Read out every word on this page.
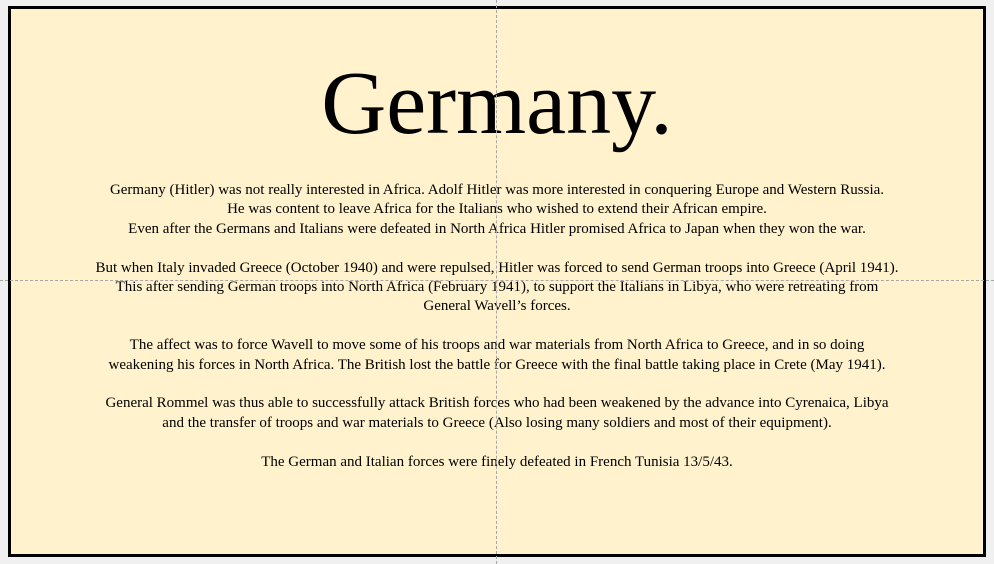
Germany.

Germany (Hitler) was not really interested in Africa. Adolf Hitler was more interested in conquering Europe and Western Russia.
He was content to leave Africa for the Italians who wished to extend their African empire.
Even after the Germans and Italians were defeated in North Africa Hitler promised Africa to Japan when they won the war.

But when Italy invaded Greece (October 1940) and were repulsed, Hitler was forced to send German troops into Greece (April 1941).
This after sending German troops into North Africa (February 1941), to support the Italians in Libya, who were retreating from
General Wavell’s forces.

The affect was to force Wavell to move some of his troops and war materials from North Africa to Greece, and in so doing
weakening his forces in North Africa. The British lost the battle for Greece with the final battle taking place in Crete (May 1941).

General Rommel was thus able to successfully attack British forces who had been weakened by the advance into Cyrenaica, Libya
and the transfer of troops and war materials to Greece (Also losing many soldiers and most of their equipment).

The German and Italian forces were finely defeated in French Tunisia 13/5/43.
